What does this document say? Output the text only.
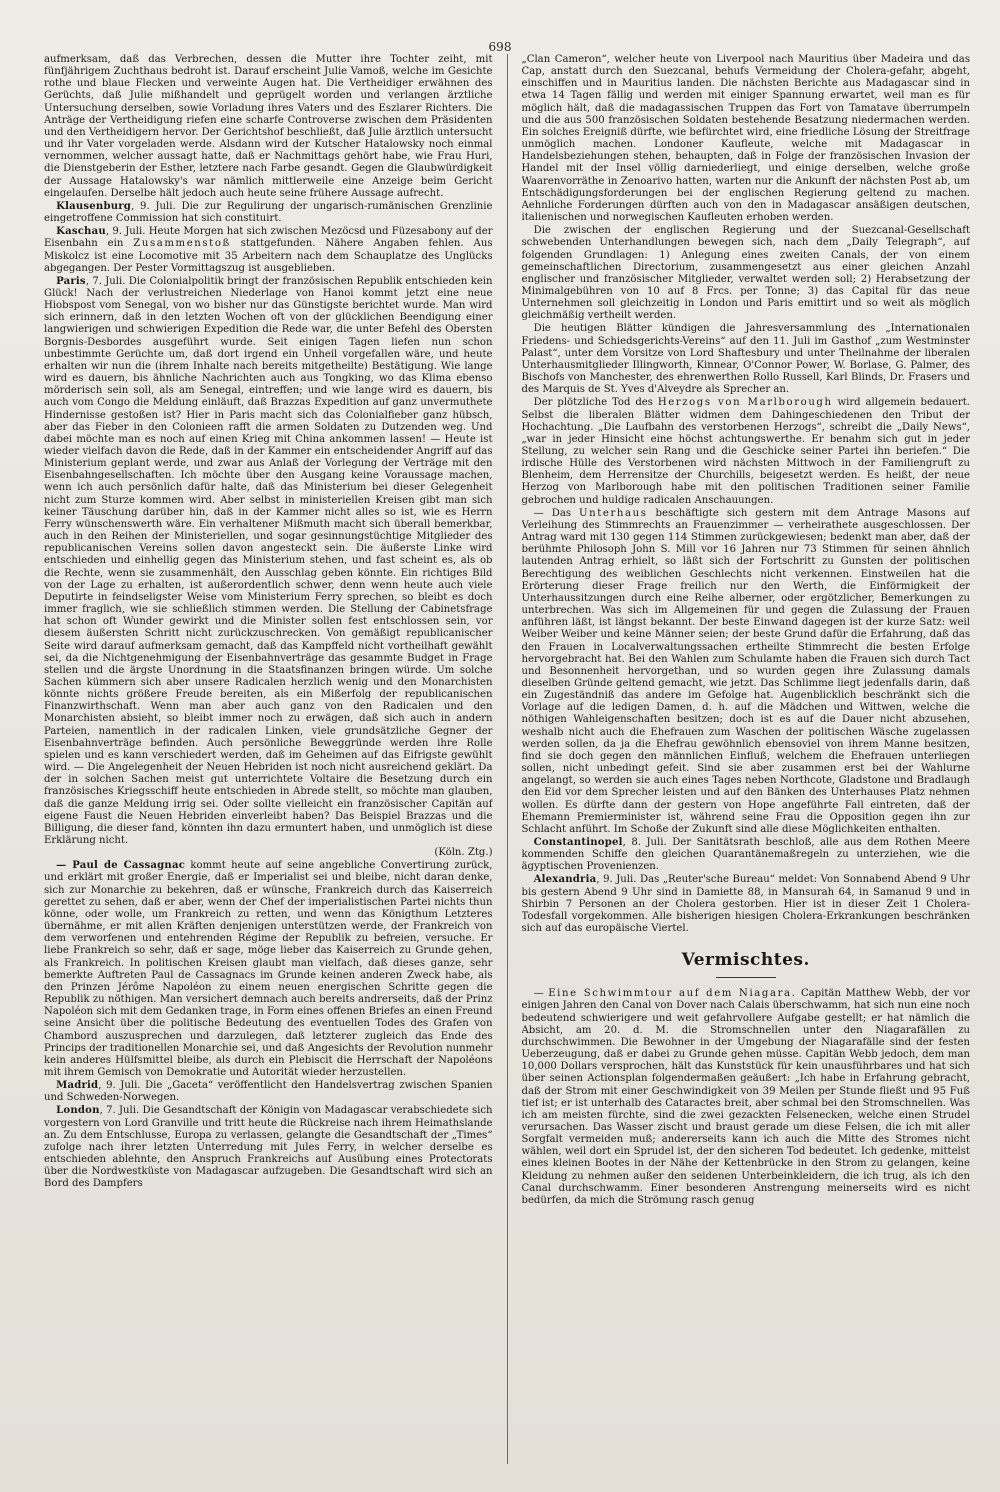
698

aufmerksam, daß das Verbrechen, dessen die Mutter ihre Tochter zeiht, mit fünfjährigem Zuchthaus bedroht ist. Darauf erscheint Julie Vamoß, welche im Gesichte rothe und blaue Flecken und verweinte Augen hat. Die Vertheidiger erwähnen des Gerüchts, daß Julie mißhandelt und geprügelt worden und verlangen ärztliche Untersuchung derselben, sowie Vorladung ihres Vaters und des Eszlarer Richters. Die Anträge der Vertheidigung riefen eine scharfe Controverse zwischen dem Präsidenten und den Vertheidigern hervor. Der Gerichtshof beschließt, daß Julie ärztlich untersucht und ihr Vater vorgeladen werde. Alsdann wird der Kutscher Hatalowsky noch einmal vernommen, welcher aussagt hatte, daß er Nachmittags gehört habe, wie Frau Huri, die Dienstgeberin der Esther, letztere nach Farbe gesandt. Gegen die Glaubwürdigkeit der Aussage Hatalowsky's war nämlich mittlerweile eine Anzeige beim Gericht eingelaufen. Derselbe hält jedoch auch heute seine frühere Aussage aufrecht.

Klausenburg, 9. Juli. Die zur Regulirung der ungarisch-rumänischen Grenzlinie eingetroffene Commission hat sich constituirt.

Kaschau, 9. Juli. Heute Morgen hat sich zwischen Mezöcsd und Füzesabony auf der Eisenbahn ein Zusammenstoß stattgefunden. Nähere Angaben fehlen. Aus Miskolcz ist eine Locomotive mit 35 Arbeitern nach dem Schauplatze des Unglücks abgegangen. Der Pester Vormittagszug ist ausgeblieben.

Paris, 7. Juli. Die Colonialpolitik bringt der französischen Republik entschieden kein Glück! Nach der verlustreichen Niederlage von Hanoi kommt jetzt eine neue Hiobspost vom Senegal, von wo bisher nur das Günstigste berichtet wurde. Man wird sich erinnern, daß in den letzten Wochen oft von der glücklichen Beendigung einer langwierigen und schwierigen Expedition die Rede war, die unter Befehl des Obersten Borgnis-Desbordes ausgeführt wurde. Seit einigen Tagen liefen nun schon unbestimmte Gerüchte um, daß dort irgend ein Unheil vorgefallen wäre, und heute erhalten wir nun die (ihrem Inhalte nach bereits mitgetheilte) Bestätigung. Wie lange wird es dauern, bis ähnliche Nachrichten auch aus Tongking, wo das Klima ebenso mörderisch sein soll, als am Senegal, eintreffen; und wie lange wird es dauern, bis auch vom Congo die Meldung einläuft, daß Brazzas Expedition auf ganz unvermuthete Hindernisse gestoßen ist? Hier in Paris macht sich das Colonialfieber ganz hübsch, aber das Fieber in den Colonieen rafft die armen Soldaten zu Dutzenden weg. Und dabei möchte man es noch auf einen Krieg mit China ankommen lassen! — Heute ist wieder vielfach davon die Rede, daß in der Kammer ein entscheidender Angriff auf das Ministerium geplant werde, und zwar aus Anlaß der Vorlegung der Verträge mit den Eisenbahngesellschaften. Ich möchte über den Ausgang keine Voraussage machen, wenn ich auch persönlich dafür halte, daß das Ministerium bei dieser Gelegenheit nicht zum Sturze kommen wird. Aber selbst in ministeriellen Kreisen gibt man sich keiner Täuschung darüber hin, daß in der Kammer nicht alles so ist, wie es Herrn Ferry wünschenswerth wäre. Ein verhaltener Mißmuth macht sich überall bemerkbar, auch in den Reihen der Ministeriellen, und sogar gesinnungstüchtige Mitglieder des republicanischen Vereins sollen davon angesteckt sein. Die äußerste Linke wird entschieden und einhellig gegen das Ministerium stehen, und fast scheint es, als ob die Rechte, wenn sie zusammenhält, den Ausschlag geben könnte. Ein richtiges Bild von der Lage zu erhalten, ist außerordentlich schwer, denn wenn heute auch viele Deputirte in feindseligster Weise vom Ministerium Ferry sprechen, so bleibt es doch immer fraglich, wie sie schließlich stimmen werden. Die Stellung der Cabinetsfrage hat schon oft Wunder gewirkt und die Minister sollen fest entschlossen sein, vor diesem äußersten Schritt nicht zurückzuschrecken. Von gemäßigt republicanischer Seite wird darauf aufmerksam gemacht, daß das Kampffeld nicht vortheilhaft gewählt sei, da die Nichtgenehmigung der Eisenbahnverträge das gesammte Budget in Frage stellen und die ärgste Unordnung in die Staatsfinanzen bringen würde. Um solche Sachen kümmern sich aber unsere Radicalen herzlich wenig und den Monarchisten könnte nichts größere Freude bereiten, als ein Mißerfolg der republicanischen Finanzwirthschaft. Wenn man aber auch ganz von den Radicalen und den Monarchisten absieht, so bleibt immer noch zu erwägen, daß sich auch in andern Parteien, namentlich in der radicalen Linken, viele grundsätzliche Gegner der Eisenbahnverträge befinden. Auch persönliche Beweggründe werden ihre Rolle spielen und es kann verschiedert werden, daß im Geheimen auf das Eifrigste gewühlt wird. — Die Angelegenheit der Neuen Hebriden ist noch nicht ausreichend geklärt. Da der in solchen Sachen meist gut unterrichtete Voltaire die Besetzung durch ein französisches Kriegsschiff heute entschieden in Abrede stellt, so möchte man glauben, daß die ganze Meldung irrig sei. Oder sollte vielleicht ein französischer Capitän auf eigene Faust die Neuen Hebriden einverleibt haben? Das Beispiel Brazzas und die Billigung, die dieser fand, könnten ihn dazu ermuntert haben, und unmöglich ist diese Erklärung nicht.
(Köln. Ztg.)

— Paul de Cassagnac kommt heute auf seine angebliche Convertirung zurück, und erklärt mit großer Energie, daß er Imperialist sei und bleibe, nicht daran denke, sich zur Monarchie zu bekehren, daß er wünsche, Frankreich durch das Kaiserreich gerettet zu sehen, daß er aber, wenn der Chef der imperialistischen Partei nichts thun könne, oder wolle, um Frankreich zu retten, und wenn das Königthum Letzteres übernähme, er mit allen Kräften denjenigen unterstützen werde, der Frankreich von dem verworfenen und entehrenden Régime der Republik zu befreien, versuche. Er liebe Frankreich so sehr, daß er sage, möge lieber das Kaiserreich zu Grunde gehen, als Frankreich. In politischen Kreisen glaubt man vielfach, daß dieses ganze, sehr bemerkte Auftreten Paul de Cassagnacs im Grunde keinen anderen Zweck habe, als den Prinzen Jérôme Napoléon zu einem neuen energischen Schritte gegen die Republik zu nöthigen. Man versichert demnach auch bereits andrerseits, daß der Prinz Napoléon sich mit dem Gedanken trage, in Form eines offenen Briefes an einen Freund seine Ansicht über die politische Bedeutung des eventuellen Todes des Grafen von Chambord auszusprechen und darzulegen, daß letzterer zugleich das Ende des Princips der traditionellen Monarchie sei, und daß Angesichts der Revolution nunmehr kein anderes Hülfsmittel bleibe, als durch ein Plebiscit die Herrschaft der Napoléons mit ihrem Gemisch von Demokratie und Autorität wieder herzustellen.

Madrid, 9. Juli. Die „Gaceta“ veröffentlicht den Handelsvertrag zwischen Spanien und Schweden-Norwegen.

London, 7. Juli. Die Gesandtschaft der Königin von Madagascar verabschiedete sich vorgestern von Lord Granville und tritt heute die Rückreise nach ihrem Heimathslande an. Zu dem Entschlusse, Europa zu verlassen, gelangte die Gesandtschaft der „Times“ zufolge nach ihrer letzten Unterredung mit Jules Ferry, in welcher derselbe es entschieden ablehnte, den Anspruch Frankreichs auf Ausübung eines Protectorats über die Nordwestküste von Madagascar aufzugeben. Die Gesandtschaft wird sich an Bord des Dampfers

„Clan Cameron“, welcher heute von Liverpool nach Mauritius über Madeira und das Cap, anstatt durch den Suezcanal, behufs Vermeidung der Cholera-gefahr, abgeht, einschiffen und in Mauritius landen. Die nächsten Berichte aus Madagascar sind in etwa 14 Tagen fällig und werden mit einiger Spannung erwartet, weil man es für möglich hält, daß die madagassischen Truppen das Fort von Tamatave überrumpeln und die aus 500 französischen Soldaten bestehende Besatzung niedermachen werden. Ein solches Ereigniß dürfte, wie befürchtet wird, eine friedliche Lösung der Streitfrage unmöglich machen. Londoner Kaufleute, welche mit Madagascar in Handelsbeziehungen stehen, behaupten, daß in Folge der französischen Invasion der Handel mit der Insel völlig darniederliegt, und einige derselben, welche große Waarenvorräthe in Zenoarivo hatten, warten nur die Ankunft der nächsten Post ab, um Entschädigungsforderungen bei der englischen Regierung geltend zu machen. Aehnliche Forderungen dürften auch von den in Madagascar ansäßigen deutschen, italienischen und norwegischen Kaufleuten erhoben werden.

Die zwischen der englischen Regierung und der Suezcanal-Gesellschaft schwebenden Unterhandlungen bewegen sich, nach dem „Daily Telegraph“, auf folgenden Grundlagen: 1) Anlegung eines zweiten Canals, der von einem gemeinschaftlichen Directorium, zusammengesetzt aus einer gleichen Anzahl englischer und französischer Mitglieder, verwaltet werden soll; 2) Herabsetzung der Minimalgebühren von 10 auf 8 Frcs. per Tonne; 3) das Capital für das neue Unternehmen soll gleichzeitig in London und Paris emittirt und so weit als möglich gleichmäßig vertheilt werden.

Die heutigen Blätter kündigen die Jahresversammlung des „Internationalen Friedens- und Schiedsgerichts-Vereins“ auf den 11. Juli im Gasthof „zum Westminster Palast“, unter dem Vorsitze von Lord Shaftesbury und unter Theilnahme der liberalen Unterhausmitglieder Illingworth, Kinnear, O'Connor Power, W. Borlase, G. Palmer, des Bischofs von Manchester, des ehrenwerthen Rollo Russell, Karl Blinds, Dr. Frasers und des Marquis de St. Yves d'Alveydre als Sprecher an.

Der plötzliche Tod des Herzogs von Marlborough wird allgemein bedauert. Selbst die liberalen Blätter widmen dem Dahingeschiedenen den Tribut der Hochachtung. „Die Laufbahn des verstorbenen Herzogs“, schreibt die „Daily News“, „war in jeder Hinsicht eine höchst achtungswerthe. Er benahm sich gut in jeder Stellung, zu welcher sein Rang und die Geschicke seiner Partei ihn beriefen.“ Die irdische Hülle des Verstorbenen wird nächsten Mittwoch in der Familiengruft zu Blenheim, dem Herrensitze der Churchills, beigesetzt werden. Es heißt, der neue Herzog von Marlborough habe mit den politischen Traditionen seiner Familie gebrochen und huldige radicalen Anschauungen.

— Das Unterhaus beschäftigte sich gestern mit dem Antrage Masons auf Verleihung des Stimmrechts an Frauenzimmer — verheirathete ausgeschlossen. Der Antrag ward mit 130 gegen 114 Stimmen zurückgewiesen; bedenkt man aber, daß der berühmte Philosoph John S. Mill vor 16 Jahren nur 73 Stimmen für seinen ähnlich lautenden Antrag erhielt, so läßt sich der Fortschritt zu Gunsten der politischen Berechtigung des weiblichen Geschlechts nicht verkennen. Einstweilen hat die Erörterung dieser Frage freilich nur den Werth, die Einförmigkeit der Unterhaussitzungen durch eine Reihe alberner, oder ergötzlicher, Bemerkungen zu unterbrechen. Was sich im Allgemeinen für und gegen die Zulassung der Frauen anführen läßt, ist längst bekannt. Der beste Einwand dagegen ist der kurze Satz: weil Weiber Weiber und keine Männer seien; der beste Grund dafür die Erfahrung, daß das den Frauen in Localverwaltungssachen ertheilte Stimmrecht die besten Erfolge hervorgebracht hat. Bei den Wahlen zum Schulamte haben die Frauen sich durch Tact und Besonnenheit hervorgethan, und so wurden gegen ihre Zulassung damals dieselben Gründe geltend gemacht, wie jetzt. Das Schlimme liegt jedenfalls darin, daß ein Zugeständniß das andere im Gefolge hat. Augenblicklich beschränkt sich die Vorlage auf die ledigen Damen, d. h. auf die Mädchen und Wittwen, welche die nöthigen Wahleigenschaften besitzen; doch ist es auf die Dauer nicht abzusehen, weshalb nicht auch die Ehefrauen zum Waschen der politischen Wäsche zugelassen werden sollen, da ja die Ehefrau gewöhnlich ebensoviel von ihrem Manne besitzen, find sie doch gegen den männlichen Einfluß, welchem die Ehefrauen unterliegen sollen, nicht unbedingt gefeit. Sind sie aber zusammen erst bei der Wahlurne angelangt, so werden sie auch eines Tages neben Northcote, Gladstone und Bradlaugh den Eid vor dem Sprecher leisten und auf den Bänken des Unterhauses Platz nehmen wollen. Es dürfte dann der gestern von Hope angeführte Fall eintreten, daß der Ehemann Premierminister ist, während seine Frau die Opposition gegen ihn zur Schlacht anführt. Im Schoße der Zukunft sind alle diese Möglichkeiten enthalten.

Constantinopel, 8. Juli. Der Sanitätsrath beschloß, alle aus dem Rothen Meere kommenden Schiffe den gleichen Quarantänemaßregeln zu unterziehen, wie die ägyptischen Provenienzen.

Alexandria, 9. Juli. Das „Reuter'sche Bureau“ meldet: Von Sonnabend Abend 9 Uhr bis gestern Abend 9 Uhr sind in Damiette 88, in Mansurah 64, in Samanud 9 und in Shirbin 7 Personen an der Cholera gestorben. Hier ist in dieser Zeit 1 Cholera-Todesfall vorgekommen. Alle bisherigen hiesigen Cholera-Erkrankungen beschränken sich auf das europäische Viertel.

Vermischtes.

— Eine Schwimmtour auf dem Niagara. Capitän Matthew Webb, der vor einigen Jahren den Canal von Dover nach Calais überschwamm, hat sich nun eine noch bedeutend schwierigere und weit gefahrvollere Aufgabe gestellt; er hat nämlich die Absicht, am 20. d. M. die Stromschnellen unter den Niagarafällen zu durchschwimmen. Die Bewohner in der Umgebung der Niagarafälle sind der festen Ueberzeugung, daß er dabei zu Grunde gehen müsse. Capitän Webb jedoch, dem man 10,000 Dollars versprochen, hält das Kunststück für kein unausführbares und hat sich über seinen Actionsplan folgendermaßen geäußert: „Ich habe in Erfahrung gebracht, daß der Strom mit einer Geschwindigkeit von 39 Meilen per Stunde fließt und 95 Fuß tief ist; er ist unterhalb des Cataractes breit, aber schmal bei den Stromschnellen. Was ich am meisten fürchte, sind die zwei gezackten Felsenecken, welche einen Strudel verursachen. Das Wasser zischt und braust gerade um diese Felsen, die ich mit aller Sorgfalt vermeiden muß; andererseits kann ich auch die Mitte des Stromes nicht wählen, weil dort ein Sprudel ist, der den sicheren Tod bedeutet. Ich gedenke, mittelst eines kleinen Bootes in der Nähe der Kettenbrücke in den Strom zu gelangen, keine Kleidung zu nehmen außer den seidenen Unterbeinkleidern, die ich trug, als ich den Canal durchschwamm. Einer besonderen Anstrengung meinerseits wird es nicht bedürfen, da mich die Strömung rasch genug
